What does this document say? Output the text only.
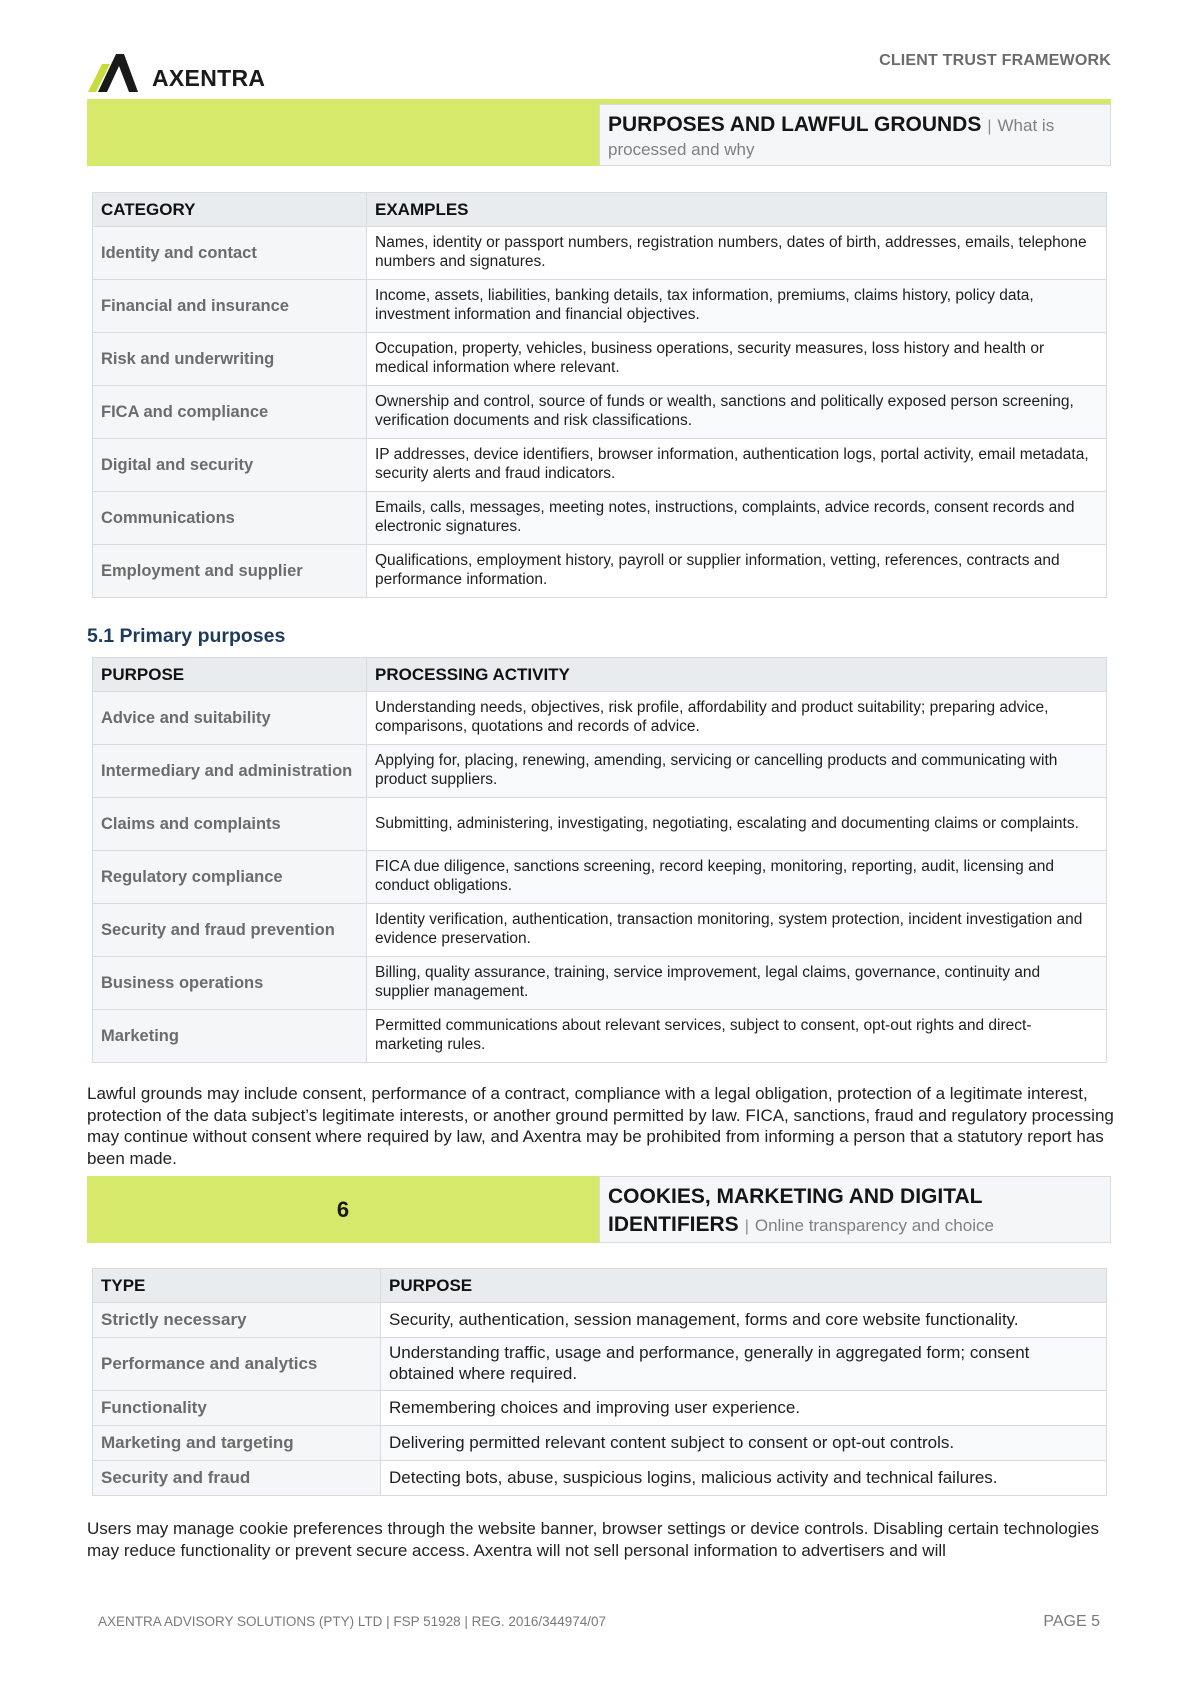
AXENTRA
CLIENT TRUST FRAMEWORK
PURPOSES AND LAWFUL GROUNDS | What is processed and why
CATEGORY	EXAMPLES
Identity and contact	Names, identity or passport numbers, registration numbers, dates of birth, addresses, emails, telephone numbers and signatures.
Financial and insurance	Income, assets, liabilities, banking details, tax information, premiums, claims history, policy data, investment information and financial objectives.
Risk and underwriting	Occupation, property, vehicles, business operations, security measures, loss history and health or medical information where relevant.
FICA and compliance	Ownership and control, source of funds or wealth, sanctions and politically exposed person screening, verification documents and risk classifications.
Digital and security	IP addresses, device identifiers, browser information, authentication logs, portal activity, email metadata, security alerts and fraud indicators.
Communications	Emails, calls, messages, meeting notes, instructions, complaints, advice records, consent records and electronic signatures.
Employment and supplier	Qualifications, employment history, payroll or supplier information, vetting, references, contracts and performance information.
5.1 Primary purposes
PURPOSE	PROCESSING ACTIVITY
Advice and suitability	Understanding needs, objectives, risk profile, affordability and product suitability; preparing advice, comparisons, quotations and records of advice.
Intermediary and administration	Applying for, placing, renewing, amending, servicing or cancelling products and communicating with product suppliers.
Claims and complaints	Submitting, administering, investigating, negotiating, escalating and documenting claims or complaints.
Regulatory compliance	FICA due diligence, sanctions screening, record keeping, monitoring, reporting, audit, licensing and conduct obligations.
Security and fraud prevention	Identity verification, authentication, transaction monitoring, system protection, incident investigation and evidence preservation.
Business operations	Billing, quality assurance, training, service improvement, legal claims, governance, continuity and supplier management.
Marketing	Permitted communications about relevant services, subject to consent, opt-out rights and direct-marketing rules.

Lawful grounds may include consent, performance of a contract, compliance with a legal obligation, protection of a legitimate interest, protection of the data subject’s legitimate interests, or another ground permitted by law. FICA, sanctions, fraud and regulatory processing may continue without consent where required by law, and Axentra may be prohibited from informing a person that a statutory report has been made.

6	COOKIES, MARKETING AND DIGITAL IDENTIFIERS | Online transparency and choice
TYPE	PURPOSE
Strictly necessary	Security, authentication, session management, forms and core website functionality.
Performance and analytics	Understanding traffic, usage and performance, generally in aggregated form; consent obtained where required.
Functionality	Remembering choices and improving user experience.
Marketing and targeting	Delivering permitted relevant content subject to consent or opt-out controls.
Security and fraud	Detecting bots, abuse, suspicious logins, malicious activity and technical failures.

Users may manage cookie preferences through the website banner, browser settings or device controls. Disabling certain technologies may reduce functionality or prevent secure access. Axentra will not sell personal information to advertisers and will

AXENTRA ADVISORY SOLUTIONS (PTY) LTD | FSP 51928 | REG. 2016/344974/07	PAGE 5
